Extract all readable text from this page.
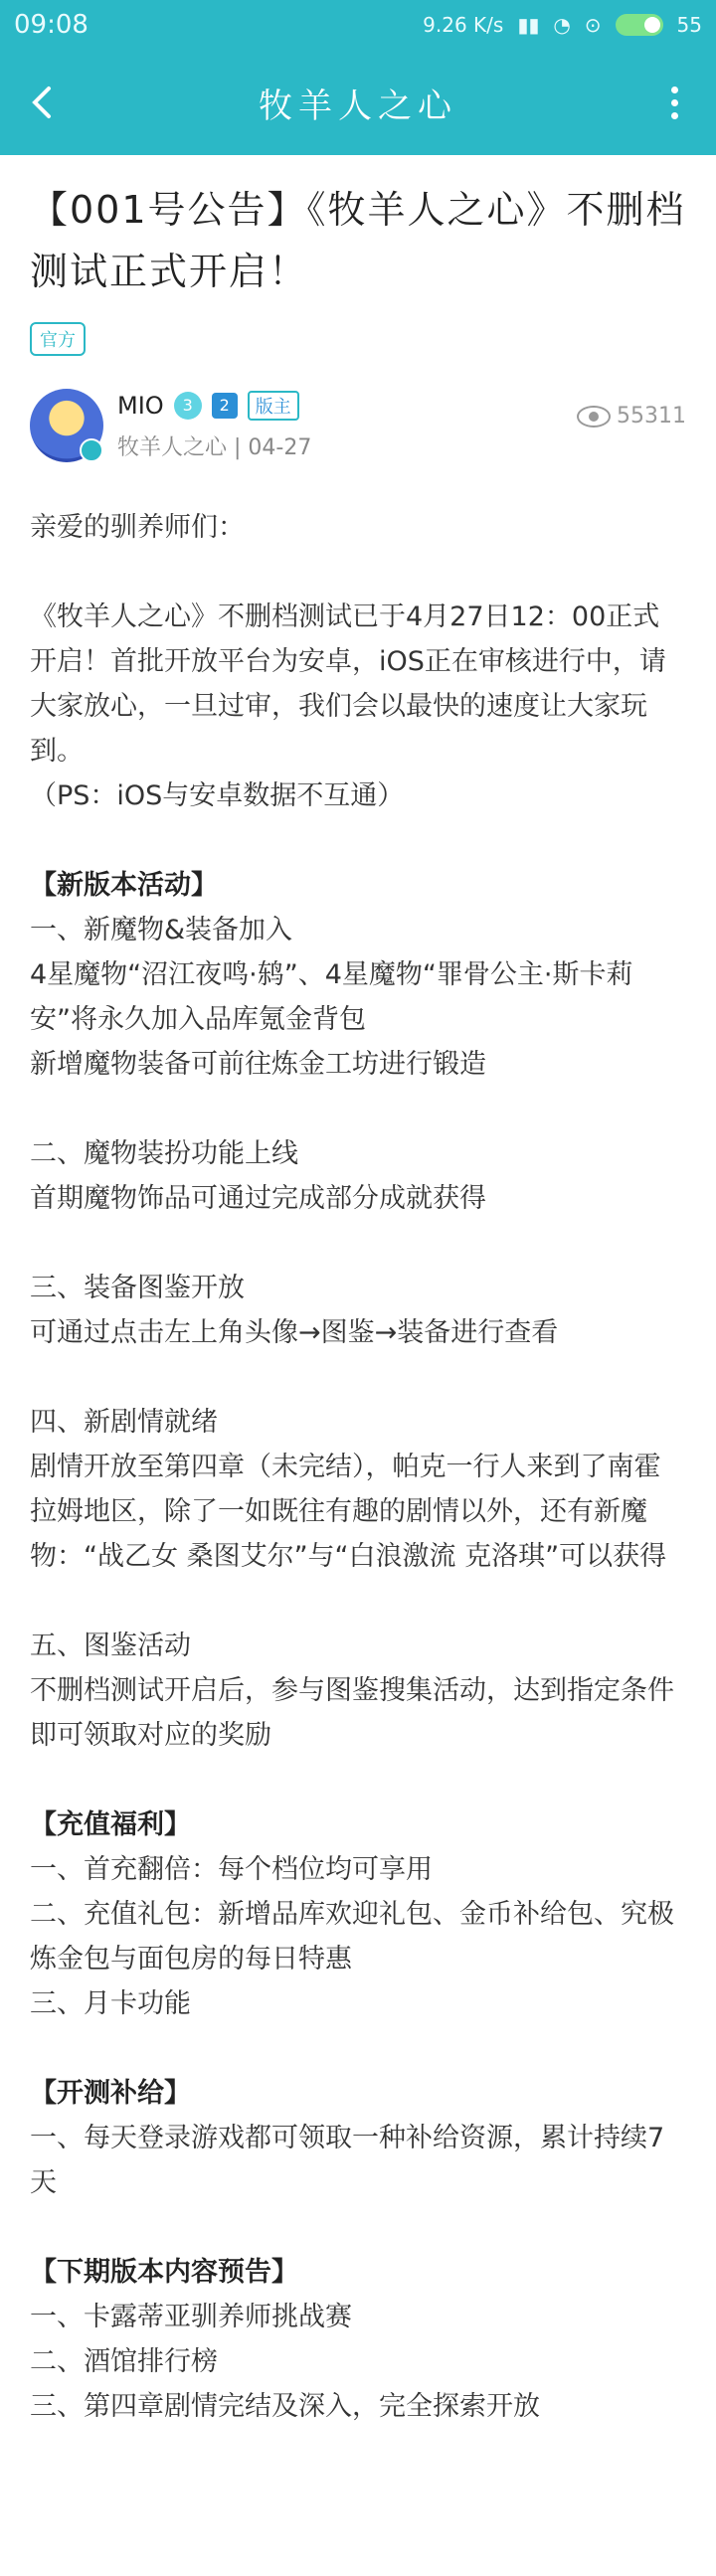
09:08	9.26 K/s ▮▮ ◔ ⊙	55
牧羊人之心
【001号公告】《牧羊人之心》不删档测试正式开启！
官方
MIO	3	2	版主
牧羊人之心 | 04-27
55311

亲爱的驯养师们：

《牧羊人之心》不删档测试已于4月27日12：00正式开启！首批开放平台为安卓，iOS正在审核进行中，请大家放心，一旦过审，我们会以最快的速度让大家玩到。

（PS：iOS与安卓数据不互通）

【新版本活动】

一、新魔物&装备加入

4星魔物“沼江夜鸣·鸫”、4星魔物“罪骨公主·斯卡莉安”将永久加入品库氪金背包

新增魔物装备可前往炼金工坊进行锻造

二、魔物装扮功能上线

首期魔物饰品可通过完成部分成就获得

三、装备图鉴开放

可通过点击左上角头像→图鉴→装备进行查看

四、新剧情就绪

剧情开放至第四章（未完结），帕克一行人来到了南霍拉姆地区，除了一如既往有趣的剧情以外，还有新魔物：“战乙女 桑图艾尔”与“白浪激流 克洛琪”可以获得

五、图鉴活动

不删档测试开启后，参与图鉴搜集活动，达到指定条件即可领取对应的奖励

【充值福利】

一、首充翻倍：每个档位均可享用

二、充值礼包：新增品库欢迎礼包、金币补给包、究极炼金包与面包房的每日特惠

三、月卡功能

【开测补给】

一、每天登录游戏都可领取一种补给资源，累计持续7天

【下期版本内容预告】

一、卡露蒂亚驯养师挑战赛

二、酒馆排行榜

三、第四章剧情完结及深入，完全探索开放
